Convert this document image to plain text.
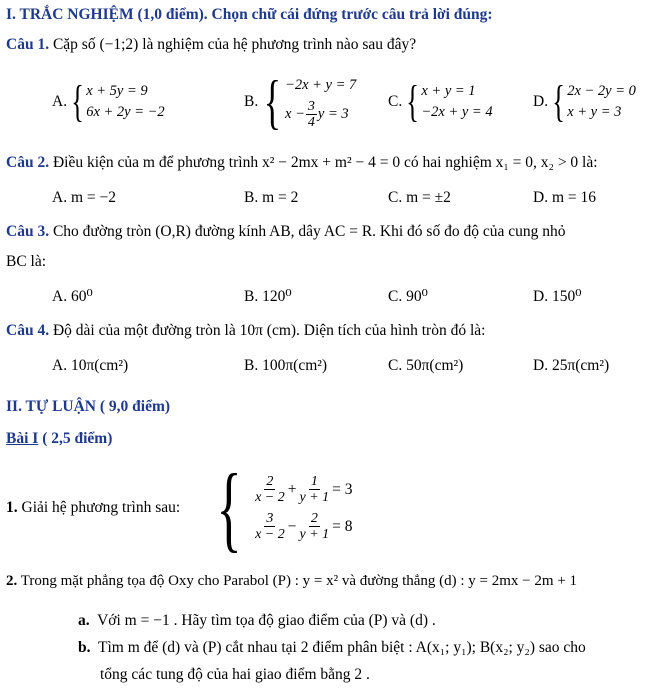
I. TRẮC NGHIỆM (1,0 điểm). Chọn chữ cái đứng trước câu trả lời đúng:
Câu 1. Cặp số (−1;2) là nghiệm của hệ phương trình nào sau đây?
A. { x + 5y = 9
6x + 2y = −2
B. { −2x + y = 7
$x - \frac{3}{4}$ y = 3
C. { x + y = 1
−2x + y = 4
D. { 2x − 2y = 0
x + y = 3
Câu 2. Điều kiện của m để phương trình x² − 2mx + m² − 4 = 0 có hai nghiệm x₁ = 0, x₂ > 0 là:
A. m = −2	B. m = 2	C. m = ±2	D. m = 16
Câu 3. Cho đường tròn (O,R) đường kính AB, dây AC = R. Khi đó số đo độ của cung nhỏ
BC là:
A. 60⁰	B. 120⁰	C. 90⁰	D. 150⁰
Câu 4. Độ dài của một đường tròn là 10π (cm). Diện tích của hình tròn đó là:
A. 10π(cm²)	B. 100π(cm²)	C. 50π(cm²)	D. 25π(cm²)
II. TỰ LUẬN ( 9,0 điểm)
Bài I ( 2,5 điểm)
1. Giải hệ phương trình sau: { $\frac{2}{x - 2} + \frac{1}{y + 1} = 3$
$\frac{3}{x - 2} - \frac{2}{y + 1} = 8$
2. Trong mặt phẳng tọa độ Oxy cho Parabol (P) : y = x² và đường thẳng (d) : y = 2mx − 2m + 1
a. Với m = −1 . Hãy tìm tọa độ giao điểm của (P) và (d) .
b. Tìm m để (d) và (P) cắt nhau tại 2 điểm phân biệt : A(x₁; y₁); B(x₂; y₂) sao cho
tổng các tung độ của hai giao điểm bằng 2 .
